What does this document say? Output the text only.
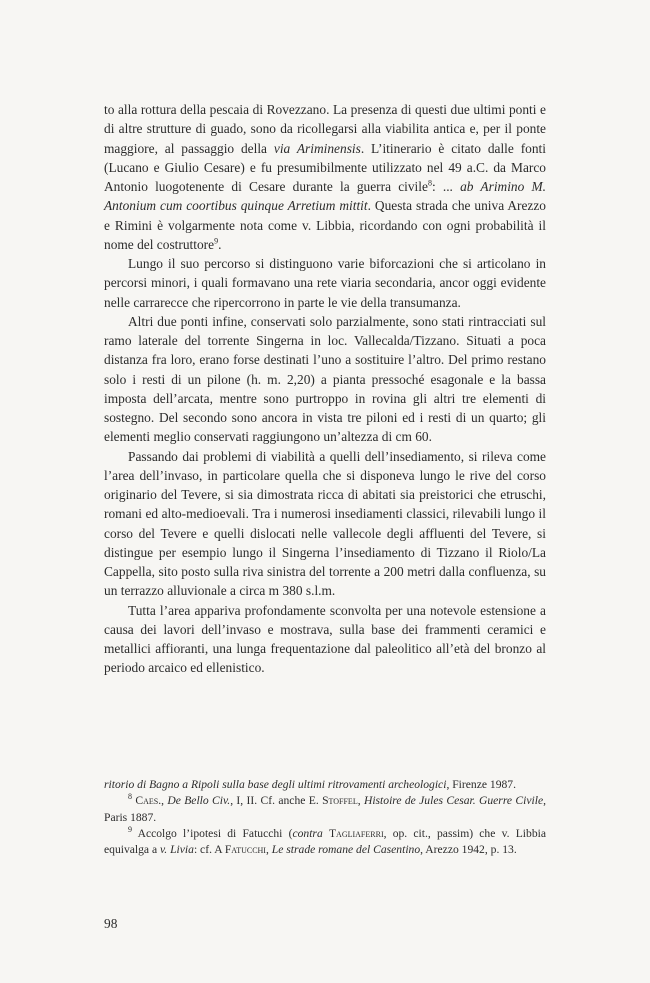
to alla rottura della pescaia di Rovezzano. La presenza di questi due ultimi ponti e di altre strutture di guado, sono da ricollegarsi alla viabilita antica e, per il ponte maggiore, al passaggio della via Ariminensis. L’itinerario è citato dalle fonti (Lucano e Giulio Cesare) e fu presumibilmente utilizzato nel 49 a.C. da Marco Antonio luogotenente di Cesare durante la guerra civile$^8$: ... ab Arimino M. Antonium cum coortibus quinque Arretium mittit. Questa strada che univa Arezzo e Rimini è volgarmente nota come v. Libbia, ricordando con ogni probabilità il nome del costruttore$^9$.

Lungo il suo percorso si distinguono varie biforcazioni che si articolano in percorsi minori, i quali formavano una rete viaria secondaria, ancor oggi evidente nelle carrarecce che ripercorrono in parte le vie della transumanza.

Altri due ponti infine, conservati solo parzialmente, sono stati rintracciati sul ramo laterale del torrente Singerna in loc. Vallecalda/Tizzano. Situati a poca distanza fra loro, erano forse destinati l’uno a sostituire l’altro. Del primo restano solo i resti di un pilone (h. m. 2,20) a pianta pressoché esagonale e la bassa imposta dell’arcata, mentre sono purtroppo in rovina gli altri tre elementi di sostegno. Del secondo sono ancora in vista tre piloni ed i resti di un quarto; gli elementi meglio conservati raggiungono un’altezza di cm 60.

Passando dai problemi di viabilità a quelli dell’insediamento, si rileva come l’area dell’invaso, in particolare quella che si disponeva lungo le rive del corso originario del Tevere, si sia dimostrata ricca di abitati sia preistorici che etruschi, romani ed alto-medioevali. Tra i numerosi insediamenti classici, rilevabili lungo il corso del Tevere e quelli dislocati nelle vallecole degli affluenti del Tevere, si distingue per esempio lungo il Singerna l’insediamento di Tizzano il Riolo/La Cappella, sito posto sulla riva sinistra del torrente a 200 metri dalla confluenza, su un terrazzo alluvionale a circa m 380 s.l.m.

Tutta l’area appariva profondamente sconvolta per una notevole estensione a causa dei lavori dell’invaso e mostrava, sulla base dei frammenti ceramici e metallici affioranti, una lunga frequentazione dal paleolitico all’età del bronzo al periodo arcaico ed ellenistico.

ritorio di Bagno a Ripoli sulla base degli ultimi ritrovamenti archeologici, Firenze 1987.

$^8$ Caes., De Bello Civ., I, II. Cf. anche E. Stoffel, Histoire de Jules Cesar. Guerre Civile, Paris 1887.

$^9$ Accolgo l’ipotesi di Fatucchi (contra Tagliaferri, op. cit., passim) che v. Libbia equivalga a v. Livia: cf. A Fatucchi, Le strade romane del Casentino, Arezzo 1942, p. 13.

98
